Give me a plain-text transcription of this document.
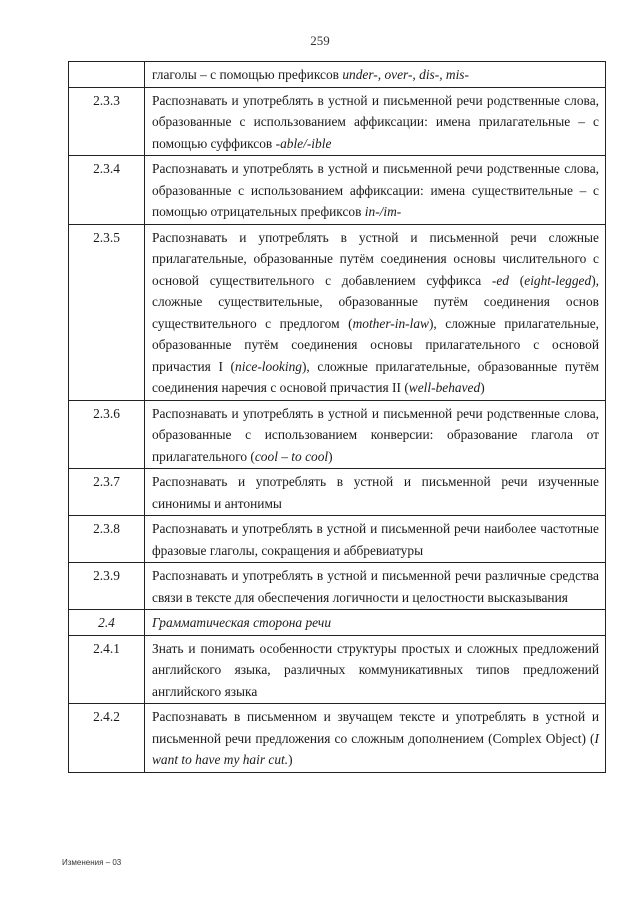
259
	глаголы – с помощью префиксов under-, over-, dis-, mis-
2.3.3	Распознавать и употреблять в устной и письменной речи родственные слова, образованные с использованием аффиксации: имена прилагательные – с помощью суффиксов -able/-ible
2.3.4	Распознавать и употреблять в устной и письменной речи родственные слова, образованные с использованием аффиксации: имена существительные – с помощью отрицательных префиксов in-/im-
2.3.5	Распознавать и употреблять в устной и письменной речи сложные прилагательные, образованные путём соединения основы числительного с основой существительного с добавлением суффикса -ed (eight-legged), сложные существительные, образованные путём соединения основ существительного с предлогом (mother-in-law), сложные прилагательные, образованные путём соединения основы прилагательного с основой причастия I (nice-looking), сложные прилагательные, образованные путём соединения наречия с основой причастия II (well-behaved)
2.3.6	Распознавать и употреблять в устной и письменной речи родственные слова, образованные с использованием конверсии: образование глагола от прилагательного (cool – to cool)
2.3.7	Распознавать и употреблять в устной и письменной речи изученные синонимы и антонимы
2.3.8	Распознавать и употреблять в устной и письменной речи наиболее частотные фразовые глаголы, сокращения и аббревиатуры
2.3.9	Распознавать и употреблять в устной и письменной речи различные средства связи в тексте для обеспечения логичности и целостности высказывания
2.4	Грамматическая сторона речи
2.4.1	Знать и понимать особенности структуры простых и сложных предложений английского языка, различных коммуникативных типов предложений английского языка
2.4.2	Распознавать в письменном и звучащем тексте и употреблять в устной и письменной речи предложения со сложным дополнением (Complex Object) (I want to have my hair cut.)
Изменения – 03
